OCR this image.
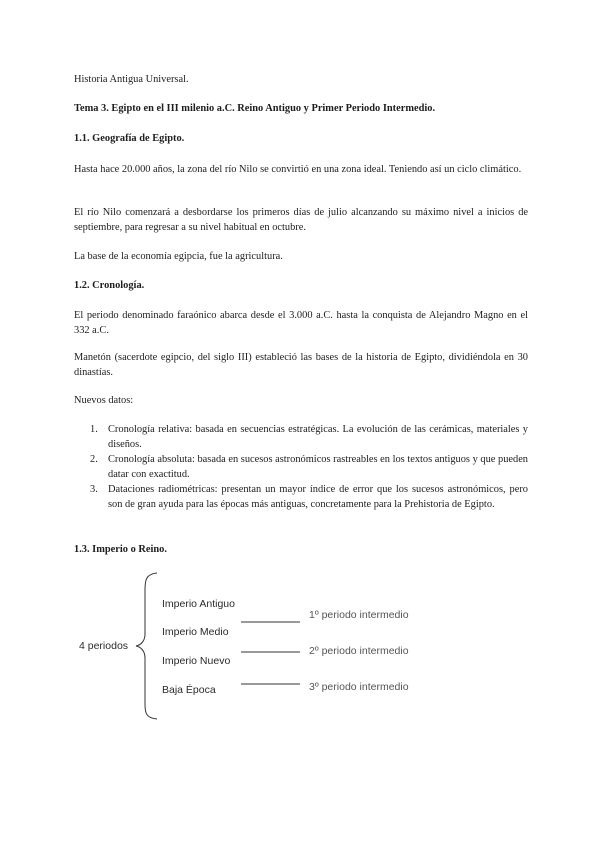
Historia Antigua Universal.

Tema 3. Egipto en el III milenio a.C. Reino Antiguo y Primer Periodo Intermedio.

1.1. Geografía de Egipto.

Hasta hace 20.000 años, la zona del río Nilo se convirtió en una zona ideal. Teniendo así un ciclo climático.

El río Nilo comenzará a desbordarse los primeros días de julio alcanzando su máximo nivel a inicios de septiembre, para regresar a su nivel habitual en octubre.

La base de la economía egipcia, fue la agricultura.

1.2. Cronología.

El periodo denominado faraónico abarca desde el 3.000 a.C. hasta la conquista de Alejandro Magno en el 332 a.C.

Manetón (sacerdote egipcio, del siglo III) estableció las bases de la historia de Egipto, dividiéndola en 30 dinastías.

Nuevos datos:

1. Cronología relativa: basada en secuencias estratégicas. La evolución de las cerámicas, materiales y diseños.
2. Cronología absoluta: basada en sucesos astronómicos rastreables en los textos antiguos y que pueden datar con exactitud.
3. Dataciones radiométricas: presentan un mayor índice de error que los sucesos astronómicos, pero son de gran ayuda para las épocas más antiguas, concretamente para la Prehistoria de Egipto.

1.3. Imperio o Reino.

4 periodos
Imperio Antiguo
Imperio Medio
Imperio Nuevo
Baja Época
1º periodo intermedio
2º periodo intermedio
3º periodo intermedio
